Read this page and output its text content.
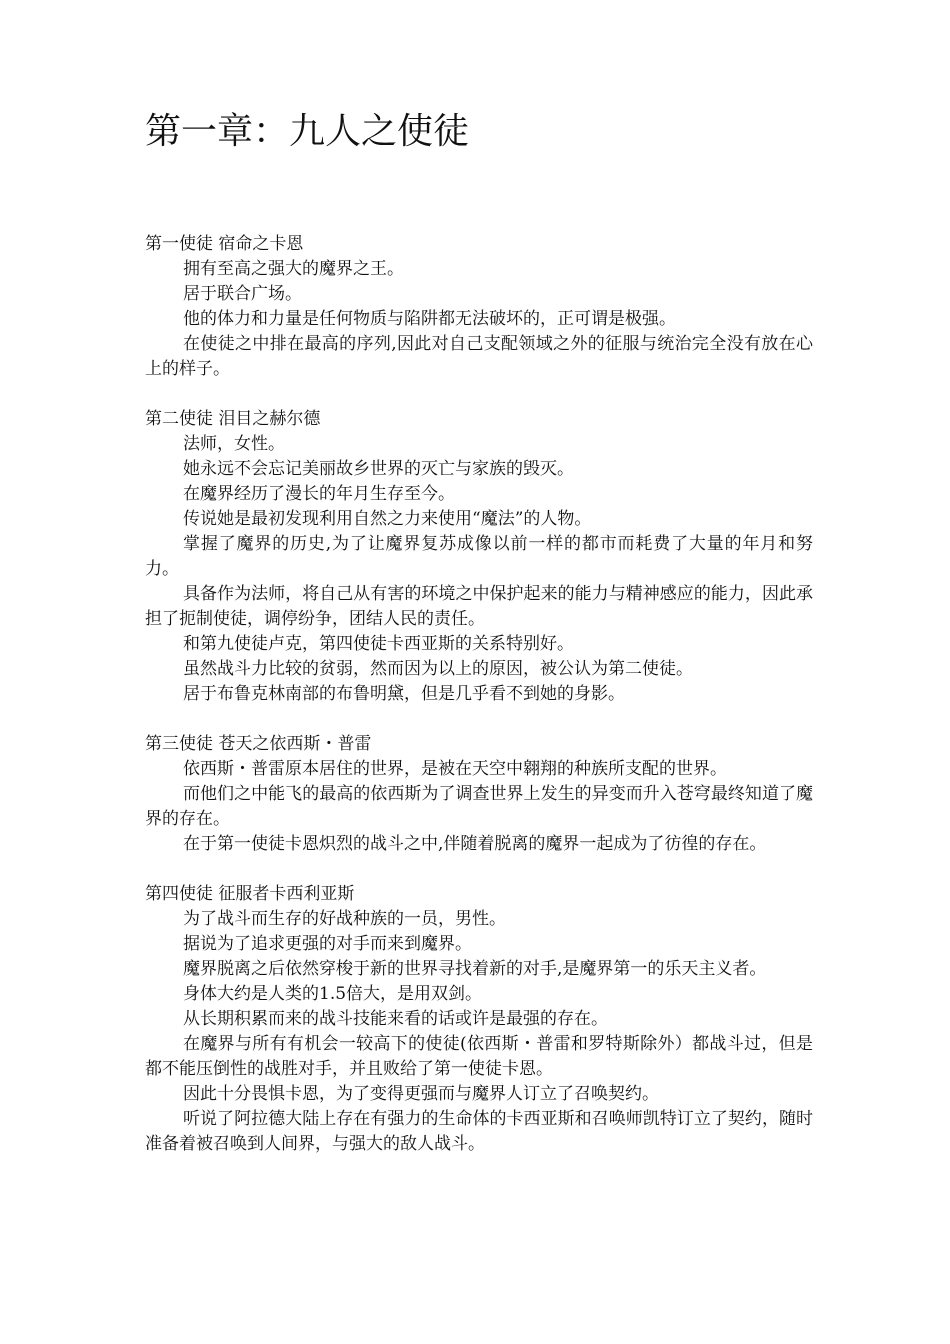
第一章：九人之使徒
第一使徒 宿命之卡恩

拥有至高之强大的魔界之王。

居于联合广场。

他的体力和力量是任何物质与陷阱都无法破坏的，正可谓是极强。

在使徒之中排在最高的序列,因此对自己支配领域之外的征服与统治完全没有放在心上的样子。

第二使徒 泪目之赫尔德

法师，女性。

她永远不会忘记美丽故乡世界的灭亡与家族的毁灭。

在魔界经历了漫长的年月生存至今。

传说她是最初发现利用自然之力来使用“魔法”的人物。

掌握了魔界的历史,为了让魔界复苏成像以前一样的都市而耗费了大量的年月和努力。

具备作为法师，将自己从有害的环境之中保护起来的能力与精神感应的能力，因此承担了扼制使徒，调停纷争，团结人民的责任。

和第九使徒卢克，第四使徒卡西亚斯的关系特别好。

虽然战斗力比较的贫弱，然而因为以上的原因，被公认为第二使徒。

居于布鲁克林南部的布鲁明黛，但是几乎看不到她的身影。

第三使徒 苍天之依西斯・普雷

依西斯・普雷原本居住的世界，是被在天空中翱翔的种族所支配的世界。

而他们之中能飞的最高的依西斯为了调查世界上发生的异变而升入苍穹最终知道了魔界的存在。

在于第一使徒卡恩炽烈的战斗之中,伴随着脱离的魔界一起成为了彷徨的存在。

第四使徒 征服者卡西利亚斯

为了战斗而生存的好战种族的一员，男性。

据说为了追求更强的对手而来到魔界。

魔界脱离之后依然穿梭于新的世界寻找着新的对手,是魔界第一的乐天主义者。

身体大约是人类的1.5倍大，是用双剑。

从长期积累而来的战斗技能来看的话或许是最强的存在。

在魔界与所有有机会一较高下的使徒(依西斯・普雷和罗特斯除外）都战斗过，但是都不能压倒性的战胜对手，并且败给了第一使徒卡恩。

因此十分畏惧卡恩，为了变得更强而与魔界人订立了召唤契约。

听说了阿拉德大陆上存在有强力的生命体的卡西亚斯和召唤师凯特订立了契约，随时准备着被召唤到人间界，与强大的敌人战斗。
